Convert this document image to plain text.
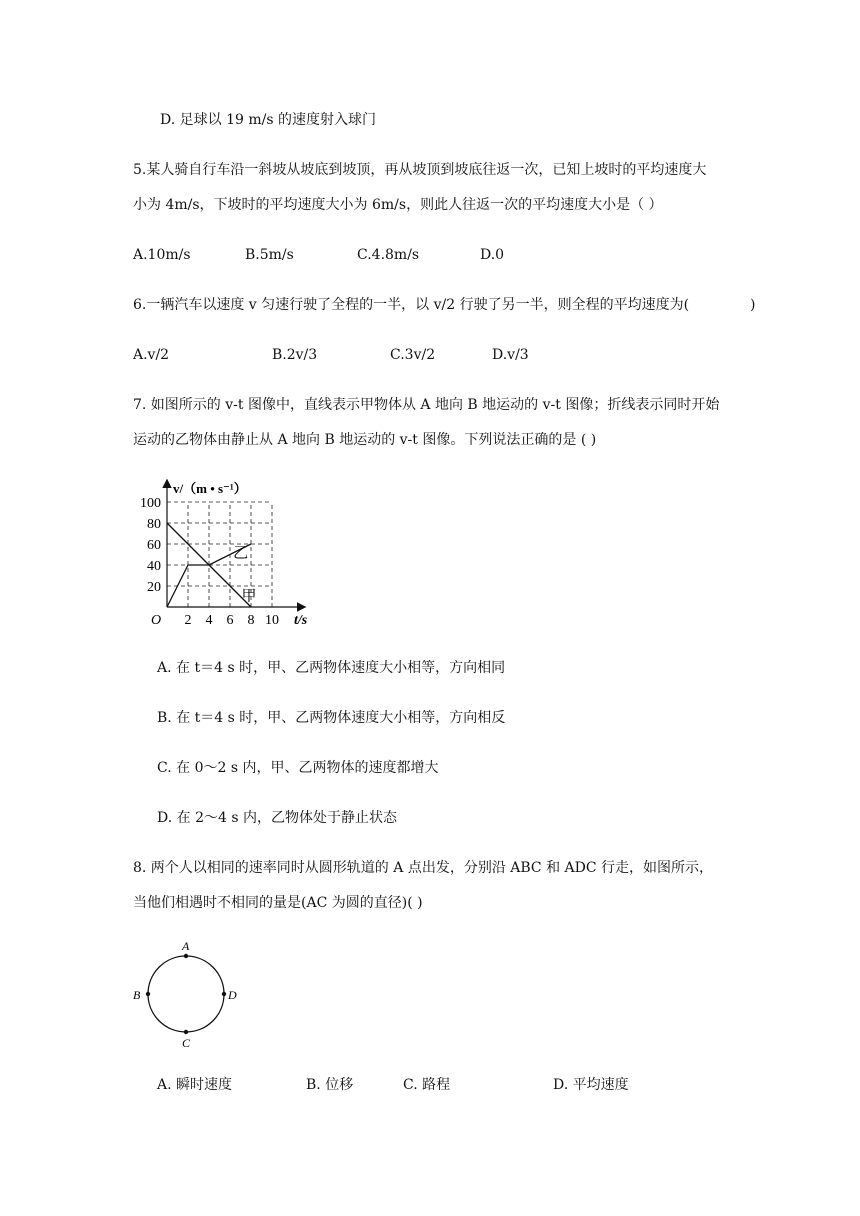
D. 足球以 19 m/s 的速度射入球门
5.某人骑自行车沿一斜坡从坡底到坡顶，再从坡顶到坡底往返一次，已知上坡时的平均速度大
小为 4m/s，下坡时的平均速度大小为 6m/s，则此人往返一次的平均速度大小是（ ）
A.10m/s	B.5m/s	C.4.8m/s	D.0
6.一辆汽车以速度 v 匀速行驶了全程的一半，以 v/2 行驶了另一半，则全程的平均速度为(	)
A.v/2	B.2v/3	C.3v/2	D.v/3
7. 如图所示的 v-t 图像中，直线表示甲物体从 A 地向 B 地运动的 v-t 图像；折线表示同时开始
运动的乙物体由静止从 A 地向 B 地运动的 v-t 图像。下列说法正确的是 ( )
2 4 6 8 10
20
40
60
80
100
t/s
v/（m • s⁻¹）
O
乙
甲
A. 在 t＝4 s 时，甲、乙两物体速度大小相等，方向相同
B. 在 t＝4 s 时，甲、乙两物体速度大小相等，方向相反
C. 在 0～2 s 内，甲、乙两物体的速度都增大
D. 在 2～4 s 内，乙物体处于静止状态
8. 两个人以相同的速率同时从圆形轨道的 A 点出发，分别沿 ABC 和 ADC 行走，如图所示，
当他们相遇时不相同的量是(AC 为圆的直径)( )
A
B
C
D
A. 瞬时速度	B. 位移	C. 路程	D. 平均速度
